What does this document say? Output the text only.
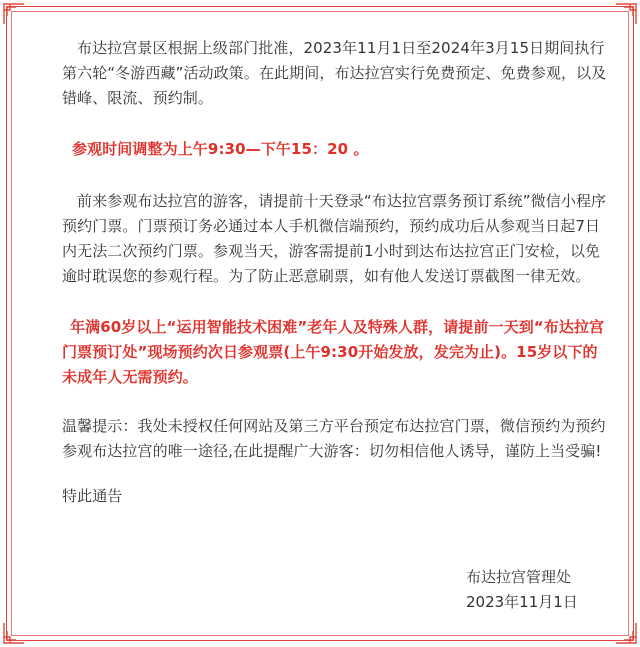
布达拉宫景区根据上级部门批准，2023年11月1日至2024年3月15日期间执行第六轮“冬游西藏”活动政策。在此期间，布达拉宫实行免费预定、免费参观，以及错峰、限流、预约制。

参观时间调整为上午9:30—下午15：20 。

前来参观布达拉宫的游客，请提前十天登录“布达拉宫票务预订系统”微信小程序预约门票。门票预订务必通过本人手机微信端预约，预约成功后从参观当日起7日内无法二次预约门票。参观当天，游客需提前1小时到达布达拉宫正门安检，以免逾时耽误您的参观行程。为了防止恶意刷票，如有他人发送订票截图一律无效。

年满60岁以上“运用智能技术困难”老年人及特殊人群，请提前一天到“布达拉宫门票预订处”现场预约次日参观票(上午9:30开始发放，发完为止)。15岁以下的未成年人无需预约。

温馨提示：我处未授权任何网站及第三方平台预定布达拉宫门票，微信预约为预约参观布达拉宫的唯一途径,在此提醒广大游客：切勿相信他人诱导，谨防上当受骗!

特此通告

布达拉宫管理处
2023年11月1日
